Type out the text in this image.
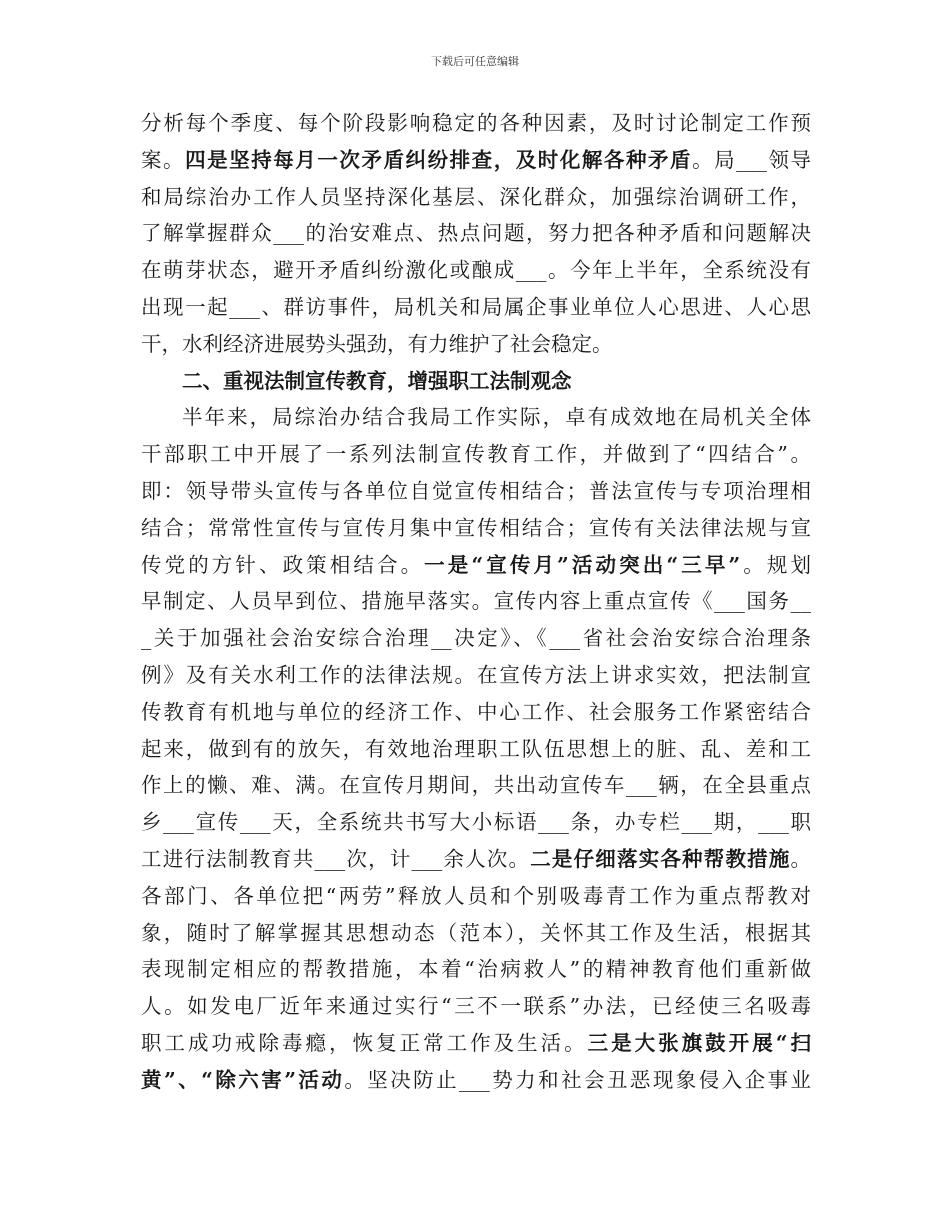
下载后可任意编辑
分析每个季度、每个阶段影响稳定的各种因素，及时讨论制定工作预
案。四是坚持每月一次矛盾纠纷排查，及时化解各种矛盾。局___领导
和局综治办工作人员坚持深化基层、深化群众，加强综治调研工作，
了解掌握群众___的治安难点、热点问题，努力把各种矛盾和问题解决
在萌芽状态，避开矛盾纠纷激化或酿成___。今年上半年，全系统没有
出现一起___、群访事件，局机关和局属企事业单位人心思进、人心思
干，水利经济进展势头强劲，有力维护了社会稳定。
二、重视法制宣传教育，增强职工法制观念
半年来，局综治办结合我局工作实际，卓有成效地在局机关全体
干部职工中开展了一系列法制宣传教育工作，并做到了“四结合”。
即：领导带头宣传与各单位自觉宣传相结合；普法宣传与专项治理相
结合；常常性宣传与宣传月集中宣传相结合；宣传有关法律法规与宣
传党的方针、政策相结合。一是“宣传月”活动突出“三早”。规划
早制定、人员早到位、措施早落实。宣传内容上重点宣传《___国务__
_关于加强社会治安综合治理__决定》、《___省社会治安综合治理条
例》及有关水利工作的法律法规。在宣传方法上讲求实效，把法制宣
传教育有机地与单位的经济工作、中心工作、社会服务工作紧密结合
起来，做到有的放矢，有效地治理职工队伍思想上的脏、乱、差和工
作上的懒、难、满。在宣传月期间，共出动宣传车___辆，在全县重点
乡___宣传___天，全系统共书写大小标语___条，办专栏___期，___职
工进行法制教育共___次，计___余人次。二是仔细落实各种帮教措施。
各部门、各单位把“两劳”释放人员和个别吸毒青工作为重点帮教对
象，随时了解掌握其思想动态（范本），关怀其工作及生活，根据其
表现制定相应的帮教措施，本着“治病救人”的精神教育他们重新做
人。如发电厂近年来通过实行“三不一联系”办法，已经使三名吸毒
职工成功戒除毒瘾，恢复正常工作及生活。三是大张旗鼓开展“扫
黄”、“除六害”活动。坚决防止___势力和社会丑恶现象侵入企事业
